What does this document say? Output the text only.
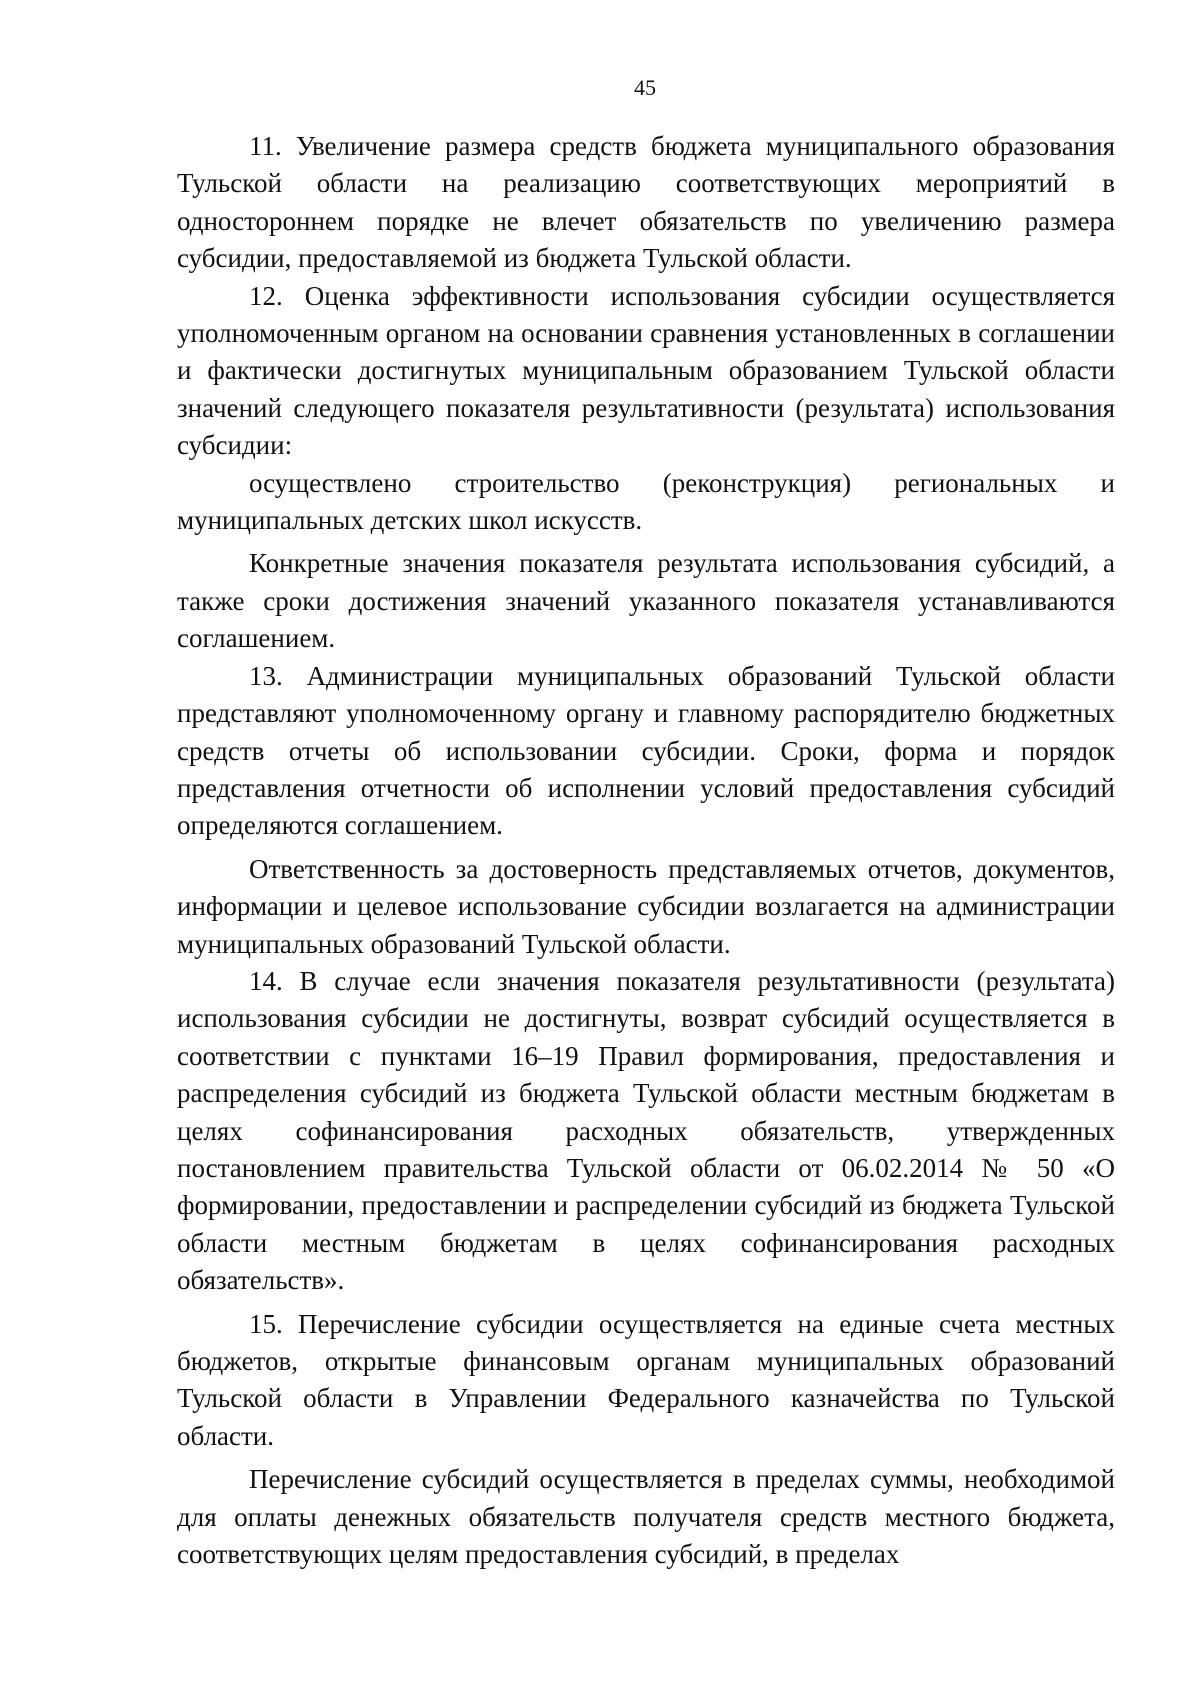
45

11. Увеличение размера средств бюджета муниципального образования Тульской области на реализацию соответствующих мероприятий в одностороннем порядке не влечет обязательств по увеличению размера субсидии, предоставляемой из бюджета Тульской области.

12. Оценка эффективности использования субсидии осуществляется уполномоченным органом на основании сравнения установленных в соглашении и фактически достигнутых муниципальным образованием Тульской области значений следующего показателя результативности (результата) использования субсидии:

осуществлено строительство (реконструкция) региональных и муниципальных детских школ искусств.

Конкретные значения показателя результата использования субсидий, а также сроки достижения значений указанного показателя устанавливаются соглашением.

13. Администрации муниципальных образований Тульской области представляют уполномоченному органу и главному распорядителю бюджетных средств отчеты об использовании субсидии. Сроки, форма и порядок представления отчетности об исполнении условий предоставления субсидий определяются соглашением.

Ответственность за достоверность представляемых отчетов, документов, информации и целевое использование субсидии возлагается на администрации муниципальных образований Тульской области.

14. В случае если значения показателя результативности (результата) использования субсидии не достигнуты, возврат субсидий осуществляется в соответствии с пунктами 16–19 Правил формирования, предоставления и распределения субсидий из бюджета Тульской области местным бюджетам в целях софинансирования расходных обязательств, утвержденных постановлением правительства Тульской области от 06.02.2014 № 50 «О формировании, предоставлении и распределении субсидий из бюджета Тульской области местным бюджетам в целях софинансирования расходных обязательств».

15. Перечисление субсидии осуществляется на единые счета местных бюджетов, открытые финансовым органам муниципальных образований Тульской области в Управлении Федерального казначейства по Тульской области.

Перечисление субсидий осуществляется в пределах суммы, необходимой для оплаты денежных обязательств получателя средств местного бюджета, соответствующих целям предоставления субсидий, в пределах
